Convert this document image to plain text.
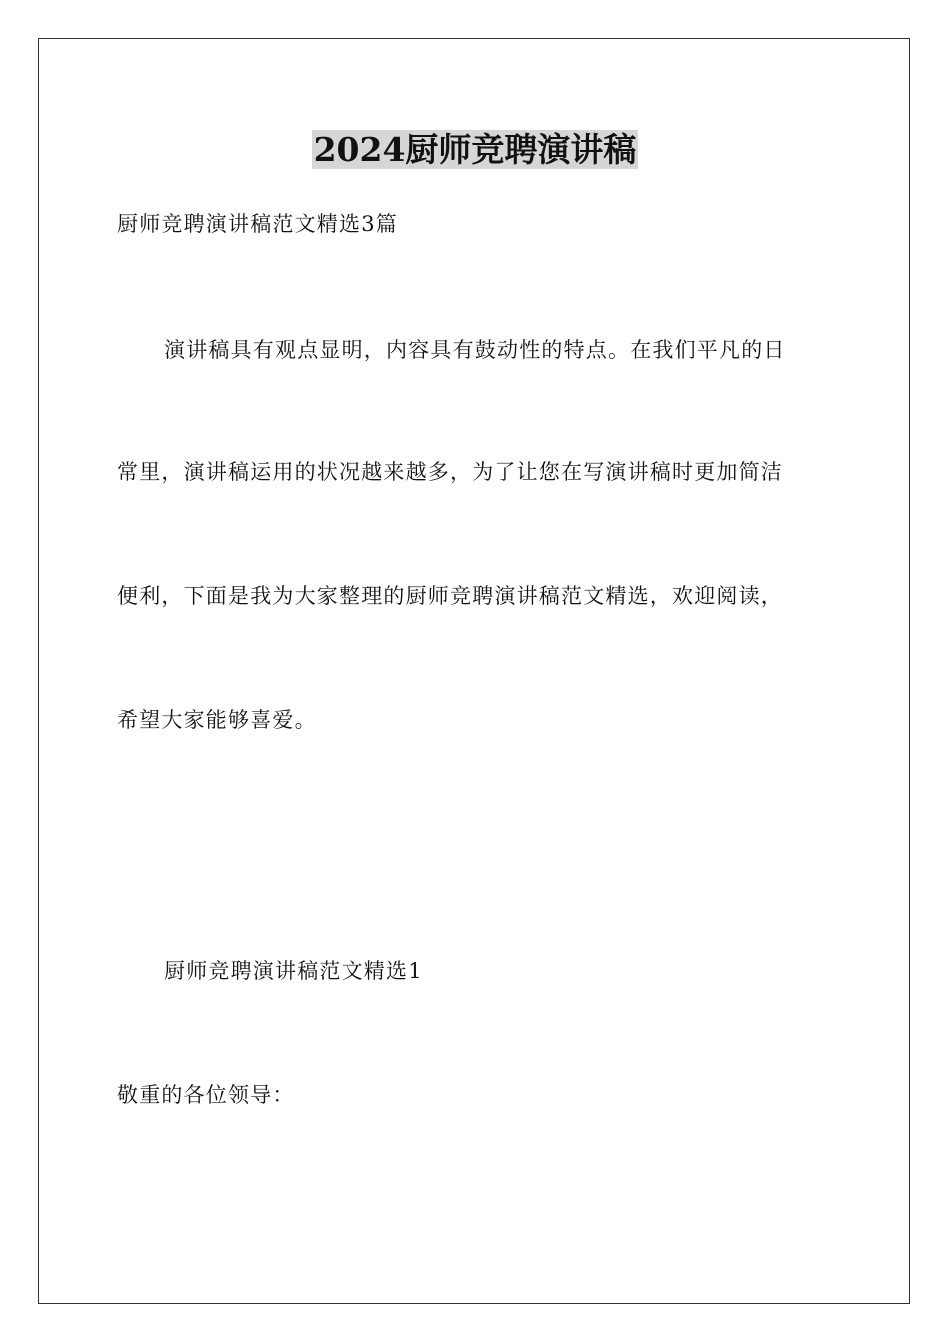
2024厨师竞聘演讲稿

厨师竞聘演讲稿范文精选3篇

演讲稿具有观点显明，内容具有鼓动性的特点。在我们平凡的日

常里，演讲稿运用的状况越来越多，为了让您在写演讲稿时更加简洁

便利，下面是我为大家整理的厨师竞聘演讲稿范文精选，欢迎阅读，

希望大家能够喜爱。

厨师竞聘演讲稿范文精选1

敬重的各位领导：
